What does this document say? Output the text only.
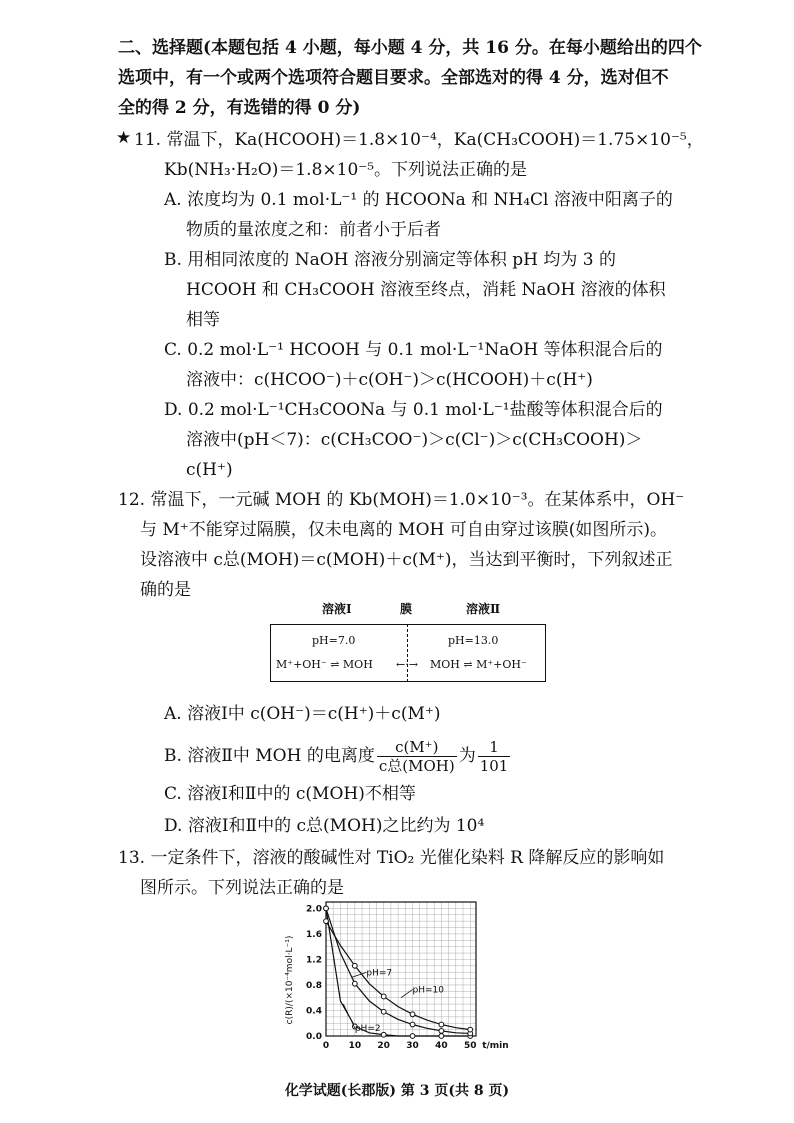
二、选择题(本题包括 4 小题，每小题 4 分，共 16 分。在每小题给出的四个
选项中，有一个或两个选项符合题目要求。全部选对的得 4 分，选对但不
全的得 2 分，有选错的得 0 分)
★ 11. 常温下，Ka(HCOOH)＝1.8×10⁻⁴，Ka(CH₃COOH)＝1.75×10⁻⁵，
Kb(NH₃·H₂O)＝1.8×10⁻⁵。下列说法正确的是
A. 浓度均为 0.1 mol·L⁻¹ 的 HCOONa 和 NH₄Cl 溶液中阳离子的
物质的量浓度之和：前者小于后者
B. 用相同浓度的 NaOH 溶液分别滴定等体积 pH 均为 3 的
HCOOH 和 CH₃COOH 溶液至终点，消耗 NaOH 溶液的体积
相等
C. 0.2 mol·L⁻¹ HCOOH 与 0.1 mol·L⁻¹NaOH 等体积混合后的
溶液中：c(HCOO⁻)＋c(OH⁻)＞c(HCOOH)＋c(H⁺)
D. 0.2 mol·L⁻¹CH₃COONa 与 0.1 mol·L⁻¹盐酸等体积混合后的
溶液中(pH＜7)：c(CH₃COO⁻)＞c(Cl⁻)＞c(CH₃COOH)＞
c(H⁺)
12. 常温下，一元碱 MOH 的 Kb(MOH)＝1.0×10⁻³。在某体系中，OH⁻
与 M⁺不能穿过隔膜，仅未电离的 MOH 可自由穿过该膜(如图所示)。
设溶液中 c总(MOH)＝c(MOH)＋c(M⁺)，当达到平衡时，下列叙述正
确的是
溶液Ⅰ	膜	溶液Ⅱ
pH=7.0	pH=13.0
M⁺+OH⁻ ⇌ MOH ←·→ MOH ⇌ M⁺+OH⁻
A. 溶液Ⅰ中 c(OH⁻)＝c(H⁺)＋c(M⁺)
B. 溶液Ⅱ中 MOH 的电离度 $\frac{c(M^+)}{\text{c总(MOH)}}$ 为 $\frac{1}{101}$
C. 溶液Ⅰ和Ⅱ中的 c(MOH)不相等
D. 溶液Ⅰ和Ⅱ中的 c总(MOH)之比约为 10⁴
13. 一定条件下，溶液的酸碱性对 TiO₂ 光催化染料 R 降解反应的影响如
图所示。下列说法正确的是
c(R)/(×10⁻⁴mol·L⁻¹)
0.0
0.4
0.8
1.2
1.6
2.0
0 10 20 30 40 50 t/min
pH=2
pH=7
pH=10
化学试题(长郡版) 第 3 页(共 8 页)
